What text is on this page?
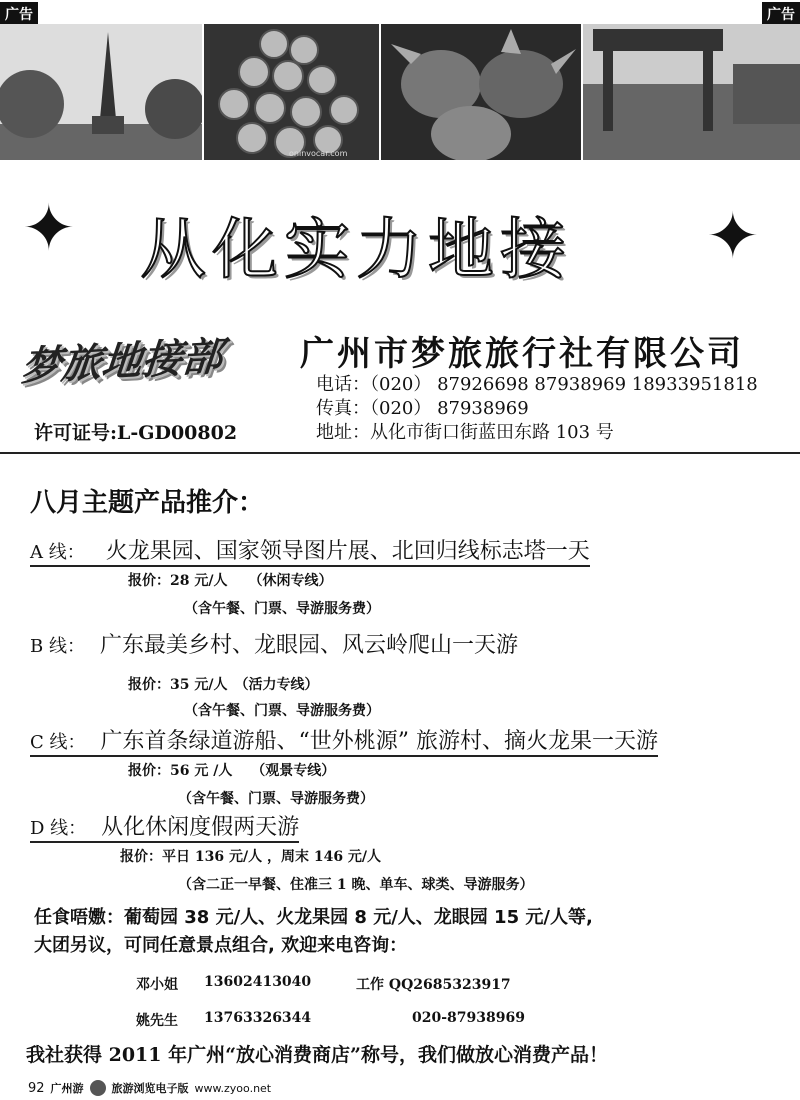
广告	广告
oninvocar.com
✦	✦
从化实力地接
梦旅地接部 广州市梦旅旅行社有限公司
电话：（020） 87926698 87938969 18933951818
传真：（020） 87938969
地址：从化市街口街蓝田东路 103 号
许可证号:L-GD00802
八月主题产品推介：
A 线： 火龙果园、国家领导图片展、北回归线标志塔一天
报价：28 元/人　　（休闲专线）
（含午餐、门票、导游服务费）
B 线： 广东最美乡村、龙眼园、风云岭爬山一天游
报价：35 元/人　（活力专线）
（含午餐、门票、导游服务费）
C 线： 广东首条绿道游船、“世外桃源” 旅游村、摘火龙果一天游
报价：56 元 /人　 （观景专线）
（含午餐、门票、导游服务费）
D 线： 从化休闲度假两天游
报价：平日 136 元/人 ，周末 146 元/人
（含二正一早餐、住准三 1 晚、单车、球类、导游服务）
任食唔嫐：葡萄园 38 元/人、火龙果园 8 元/人、龙眼园 15 元/人等,
大团另议，可同任意景点组合, 欢迎来电咨询：
邓小姐 13602413040	工作 QQ2685323917
姚先生 13763326344	020-87938969
我社获得 2011 年广州“放心消费商店”称号，我们做放心消费产品！
92 广州游	旅游浏览电子版 www.zyoo.net
